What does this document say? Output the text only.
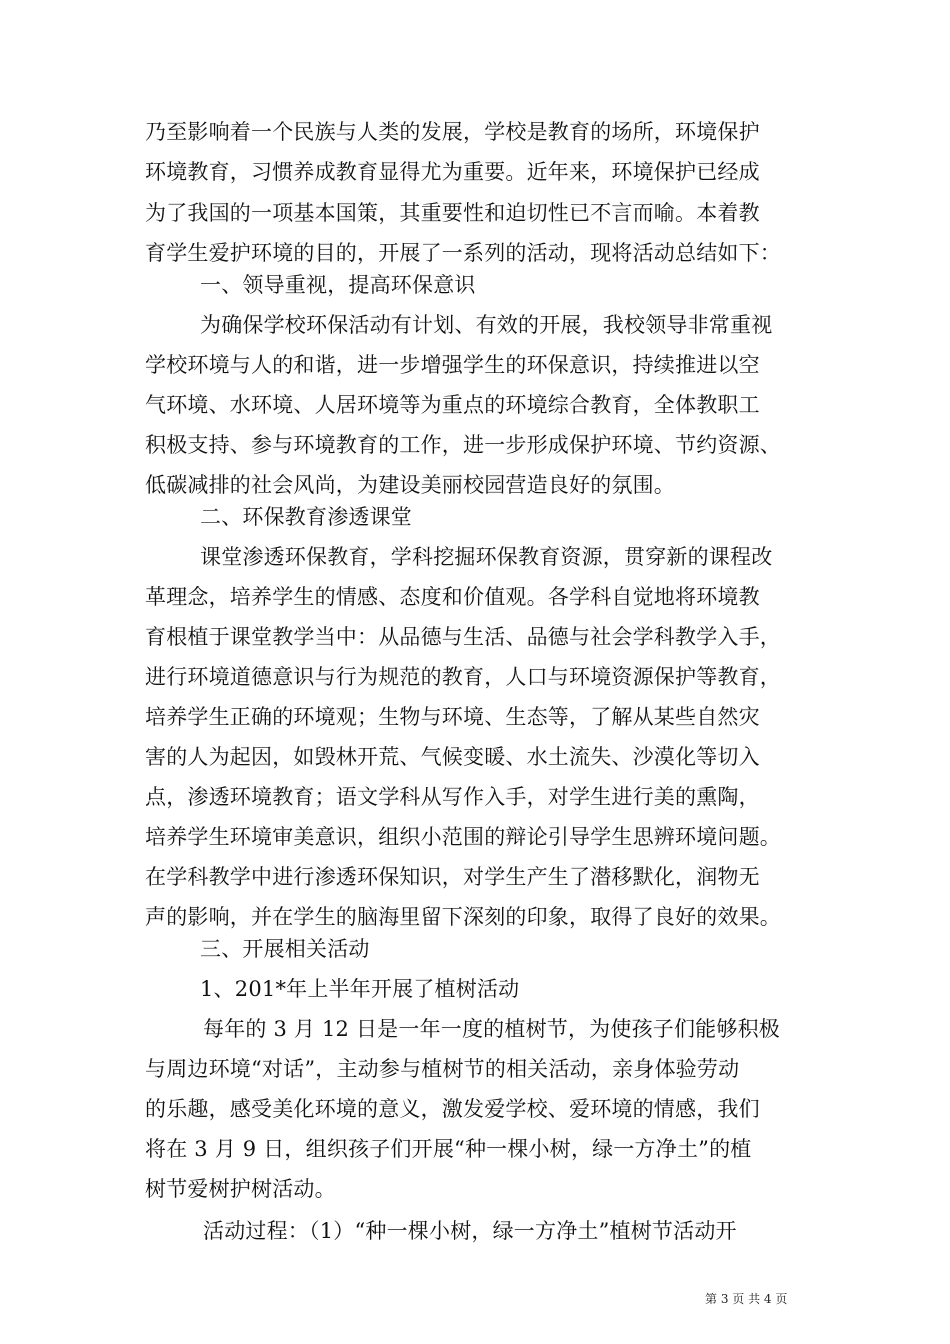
乃至影响着一个民族与人类的发展，学校是教育的场所，环境保护
环境教育，习惯养成教育显得尤为重要。近年来，环境保护已经成
为了我国的一项基本国策，其重要性和迫切性已不言而喻。本着教
育学生爱护环境的目的，开展了一系列的活动，现将活动总结如下：
一、领导重视，提高环保意识
为确保学校环保活动有计划、有效的开展，我校领导非常重视
学校环境与人的和谐，进一步增强学生的环保意识，持续推进以空
气环境、水环境、人居环境等为重点的环境综合教育，全体教职工
积极支持、参与环境教育的工作，进一步形成保护环境、节约资源、
低碳减排的社会风尚，为建设美丽校园营造良好的氛围。
二、环保教育渗透课堂
课堂渗透环保教育，学科挖掘环保教育资源，贯穿新的课程改
革理念，培养学生的情感、态度和价值观。各学科自觉地将环境教
育根植于课堂教学当中：从品德与生活、品德与社会学科教学入手，
进行环境道德意识与行为规范的教育，人口与环境资源保护等教育，
培养学生正确的环境观；生物与环境、生态等，了解从某些自然灾
害的人为起因，如毁林开荒、气候变暖、水土流失、沙漠化等切入
点，渗透环境教育；语文学科从写作入手，对学生进行美的熏陶，
培养学生环境审美意识，组织小范围的辩论引导学生思辨环境问题。
在学科教学中进行渗透环保知识，对学生产生了潜移默化，润物无
声的影响，并在学生的脑海里留下深刻的印象，取得了良好的效果。
三、开展相关活动
1、201*年上半年开展了植树活动
每年的 3 月 12 日是一年一度的植树节，为使孩子们能够积极
与周边环境“对话”，主动参与植树节的相关活动，亲身体验劳动
的乐趣，感受美化环境的意义，激发爱学校、爱环境的情感，我们
将在 3 月 9 日，组织孩子们开展“种一棵小树，绿一方净土”的植
树节爱树护树活动。
活动过程：（1）“种一棵小树，绿一方净土”植树节活动开
第 3 页 共 4 页
